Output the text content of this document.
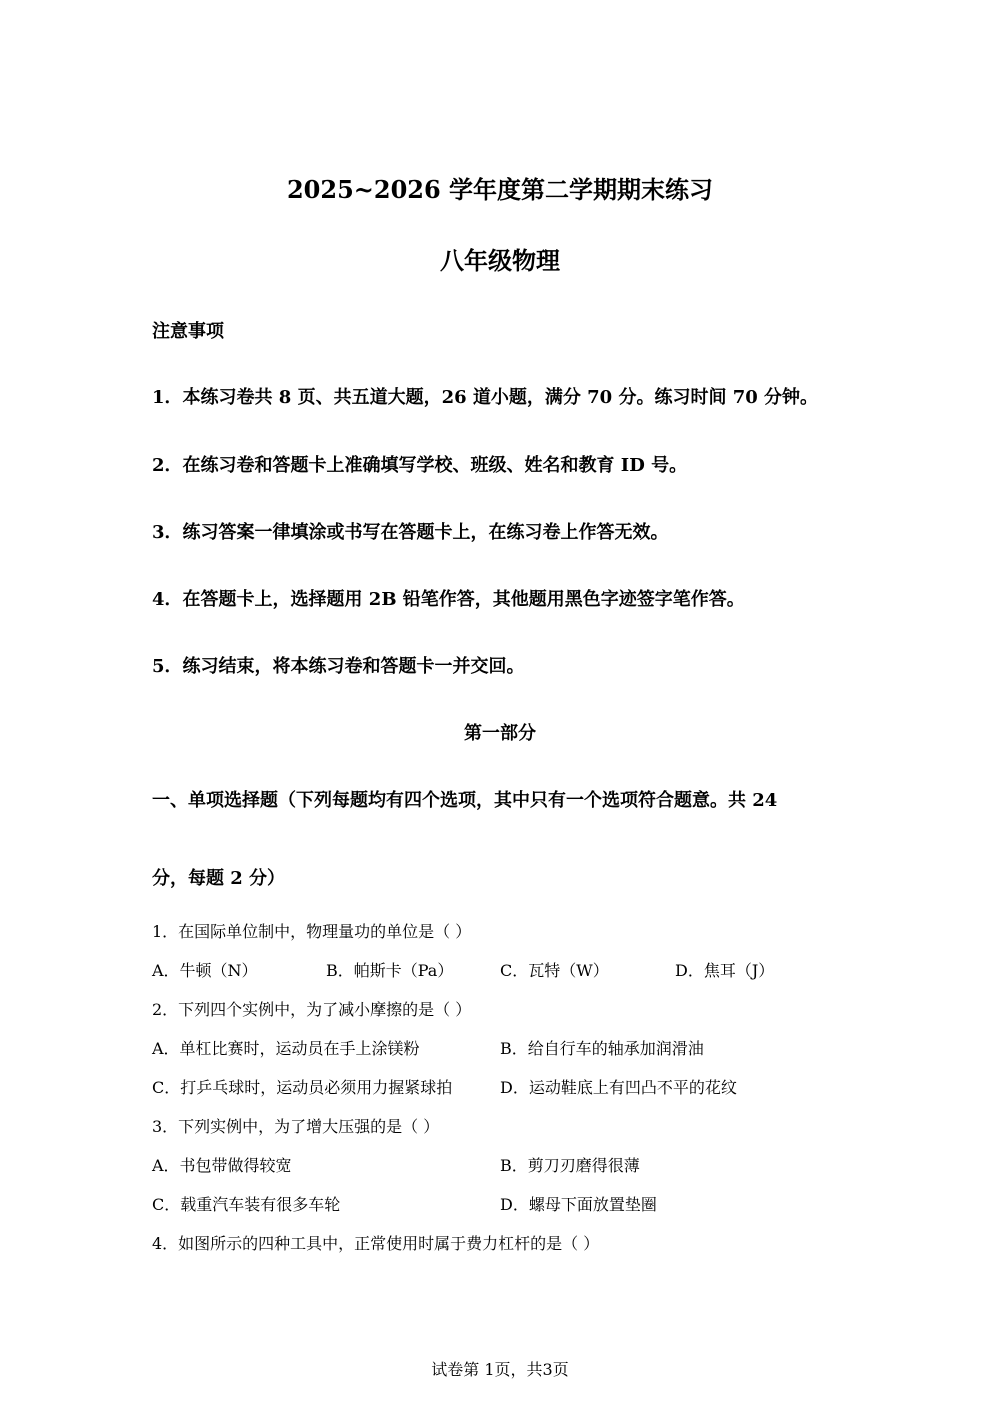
2025~2026 学年度第二学期期末练习
八年级物理
注意事项
1．本练习卷共 8 页、共五道大题，26 道小题，满分 70 分。练习时间 70 分钟。
2．在练习卷和答题卡上准确填写学校、班级、姓名和教育 ID 号。
3．练习答案一律填涂或书写在答题卡上，在练习卷上作答无效。
4．在答题卡上，选择题用 2B 铅笔作答，其他题用黑色字迹签字笔作答。
5．练习结束，将本练习卷和答题卡一并交回。
第一部分
一、单项选择题（下列每题均有四个选项，其中只有一个选项符合题意。共 24
分，每题 2 分）
1．在国际单位制中，物理量功的单位是（ ）
A．牛顿（N）	B．帕斯卡（Pa）	C．瓦特（W）	D．焦耳（J）
2．下列四个实例中，为了减小摩擦的是（ ）
A．单杠比赛时，运动员在手上涂镁粉	B．给自行车的轴承加润滑油
C．打乒乓球时，运动员必须用力握紧球拍	D．运动鞋底上有凹凸不平的花纹
3．下列实例中，为了增大压强的是（ ）
A．书包带做得较宽	B．剪刀刃磨得很薄
C．载重汽车装有很多车轮	D．螺母下面放置垫圈
4．如图所示的四种工具中，正常使用时属于费力杠杆的是（ ）
试卷第 1页，共3页
